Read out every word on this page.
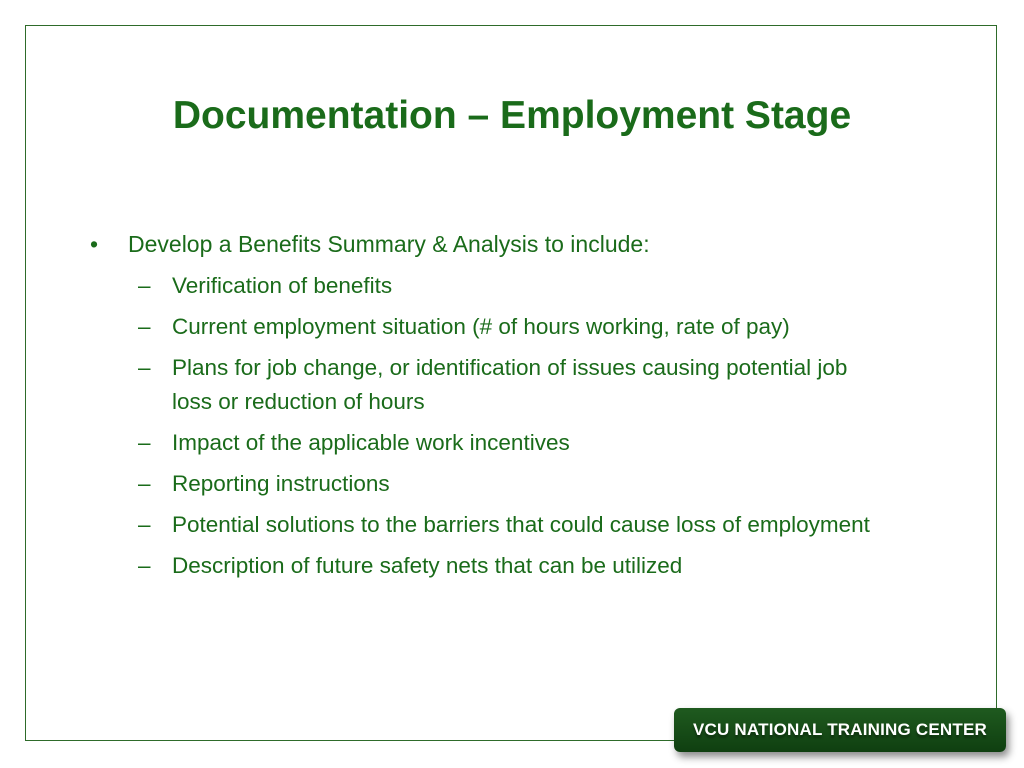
Documentation – Employment Stage
•	Develop a Benefits Summary & Analysis to include:
– Verification of benefits
– Current employment situation (# of hours working, rate of pay)
– Plans for job change, or identification of issues causing potential job loss or reduction of hours
– Impact of the applicable work incentives
– Reporting instructions
– Potential solutions to the barriers that could cause loss of employment
– Description of future safety nets that can be utilized
VCU NATIONAL TRAINING CENTER
